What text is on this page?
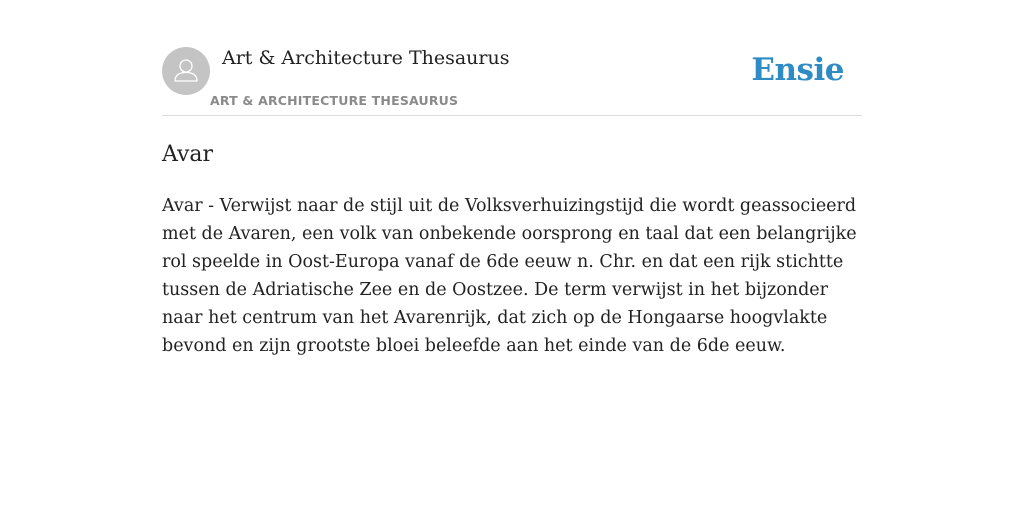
Art & Architecture Thesaurus
ART & ARCHITECTURE THESAURUS
Ensie
Avar

Avar - Verwijst naar de stijl uit de Volksverhuizingstijd die wordt geassocieerd met de Avaren, een volk van onbekende oorsprong en taal dat een belangrijke rol speelde in Oost-Europa vanaf de 6de eeuw n. Chr. en dat een rijk stichtte tussen de Adriatische Zee en de Oostzee. De term verwijst in het bijzonder naar het centrum van het Avarenrijk, dat zich op de Hongaarse hoogvlakte bevond en zijn grootste bloei beleefde aan het einde van de 6de eeuw.
